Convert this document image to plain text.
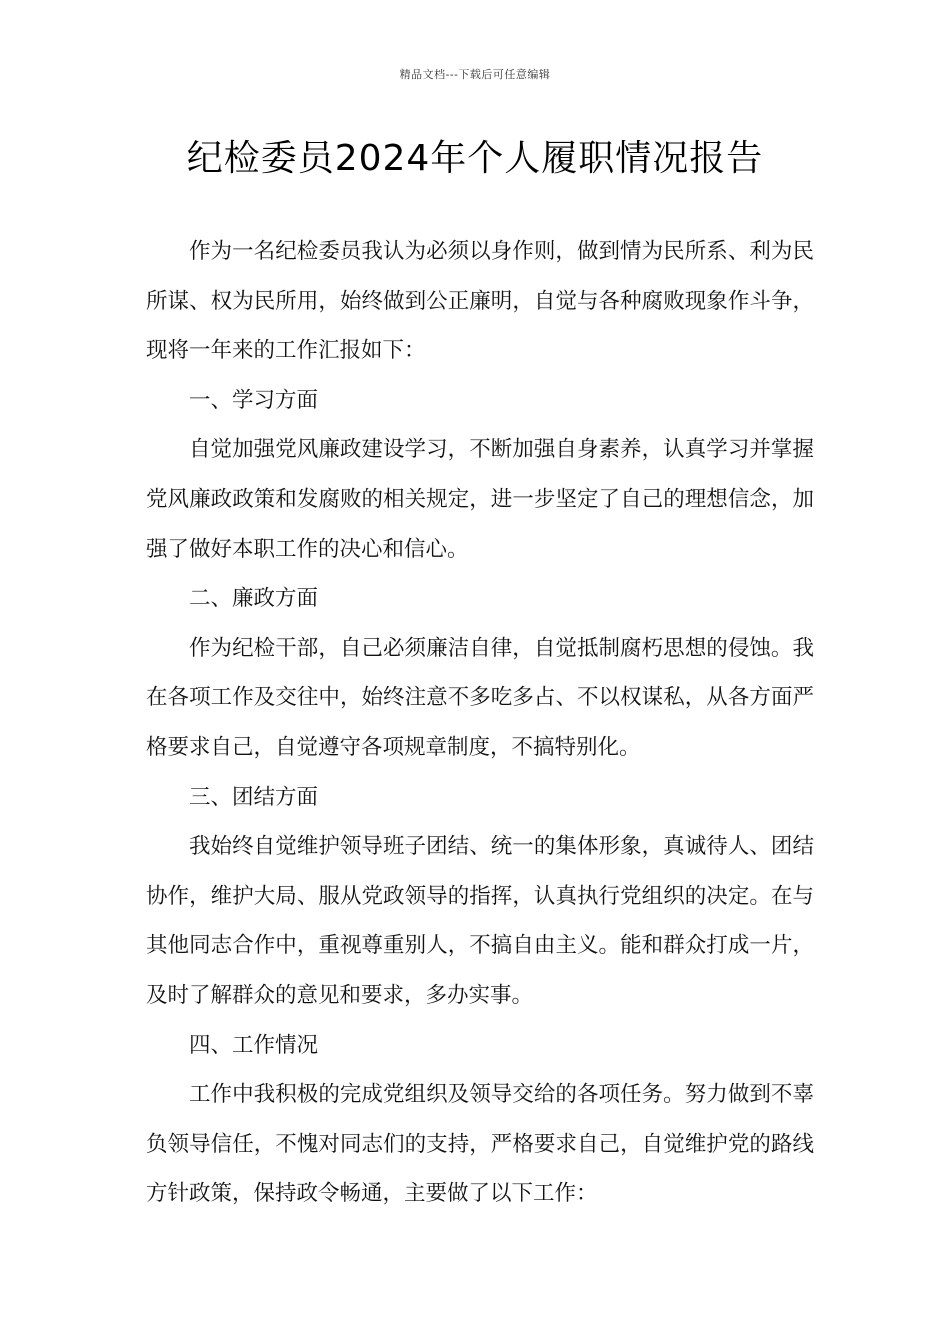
精品文档---下载后可任意编辑
纪检委员2024年个人履职情况报告

作为一名纪检委员我认为必须以身作则，做到情为民所系、利为民所谋、权为民所用，始终做到公正廉明，自觉与各种腐败现象作斗争，现将一年来的工作汇报如下：

一、学习方面

自觉加强党风廉政建设学习，不断加强自身素养，认真学习并掌握党风廉政政策和发腐败的相关规定，进一步坚定了自己的理想信念，加强了做好本职工作的决心和信心。

二、廉政方面

作为纪检干部，自己必须廉洁自律，自觉抵制腐朽思想的侵蚀。我在各项工作及交往中，始终注意不多吃多占、不以权谋私，从各方面严格要求自己，自觉遵守各项规章制度，不搞特别化。

三、团结方面

我始终自觉维护领导班子团结、统一的集体形象，真诚待人、团结协作，维护大局、服从党政领导的指挥，认真执行党组织的决定。在与其他同志合作中，重视尊重别人，不搞自由主义。能和群众打成一片，及时了解群众的意见和要求，多办实事。

四、工作情况

工作中我积极的完成党组织及领导交给的各项任务。努力做到不辜负领导信任，不愧对同志们的支持，严格要求自己，自觉维护党的路线方针政策，保持政令畅通，主要做了以下工作：
